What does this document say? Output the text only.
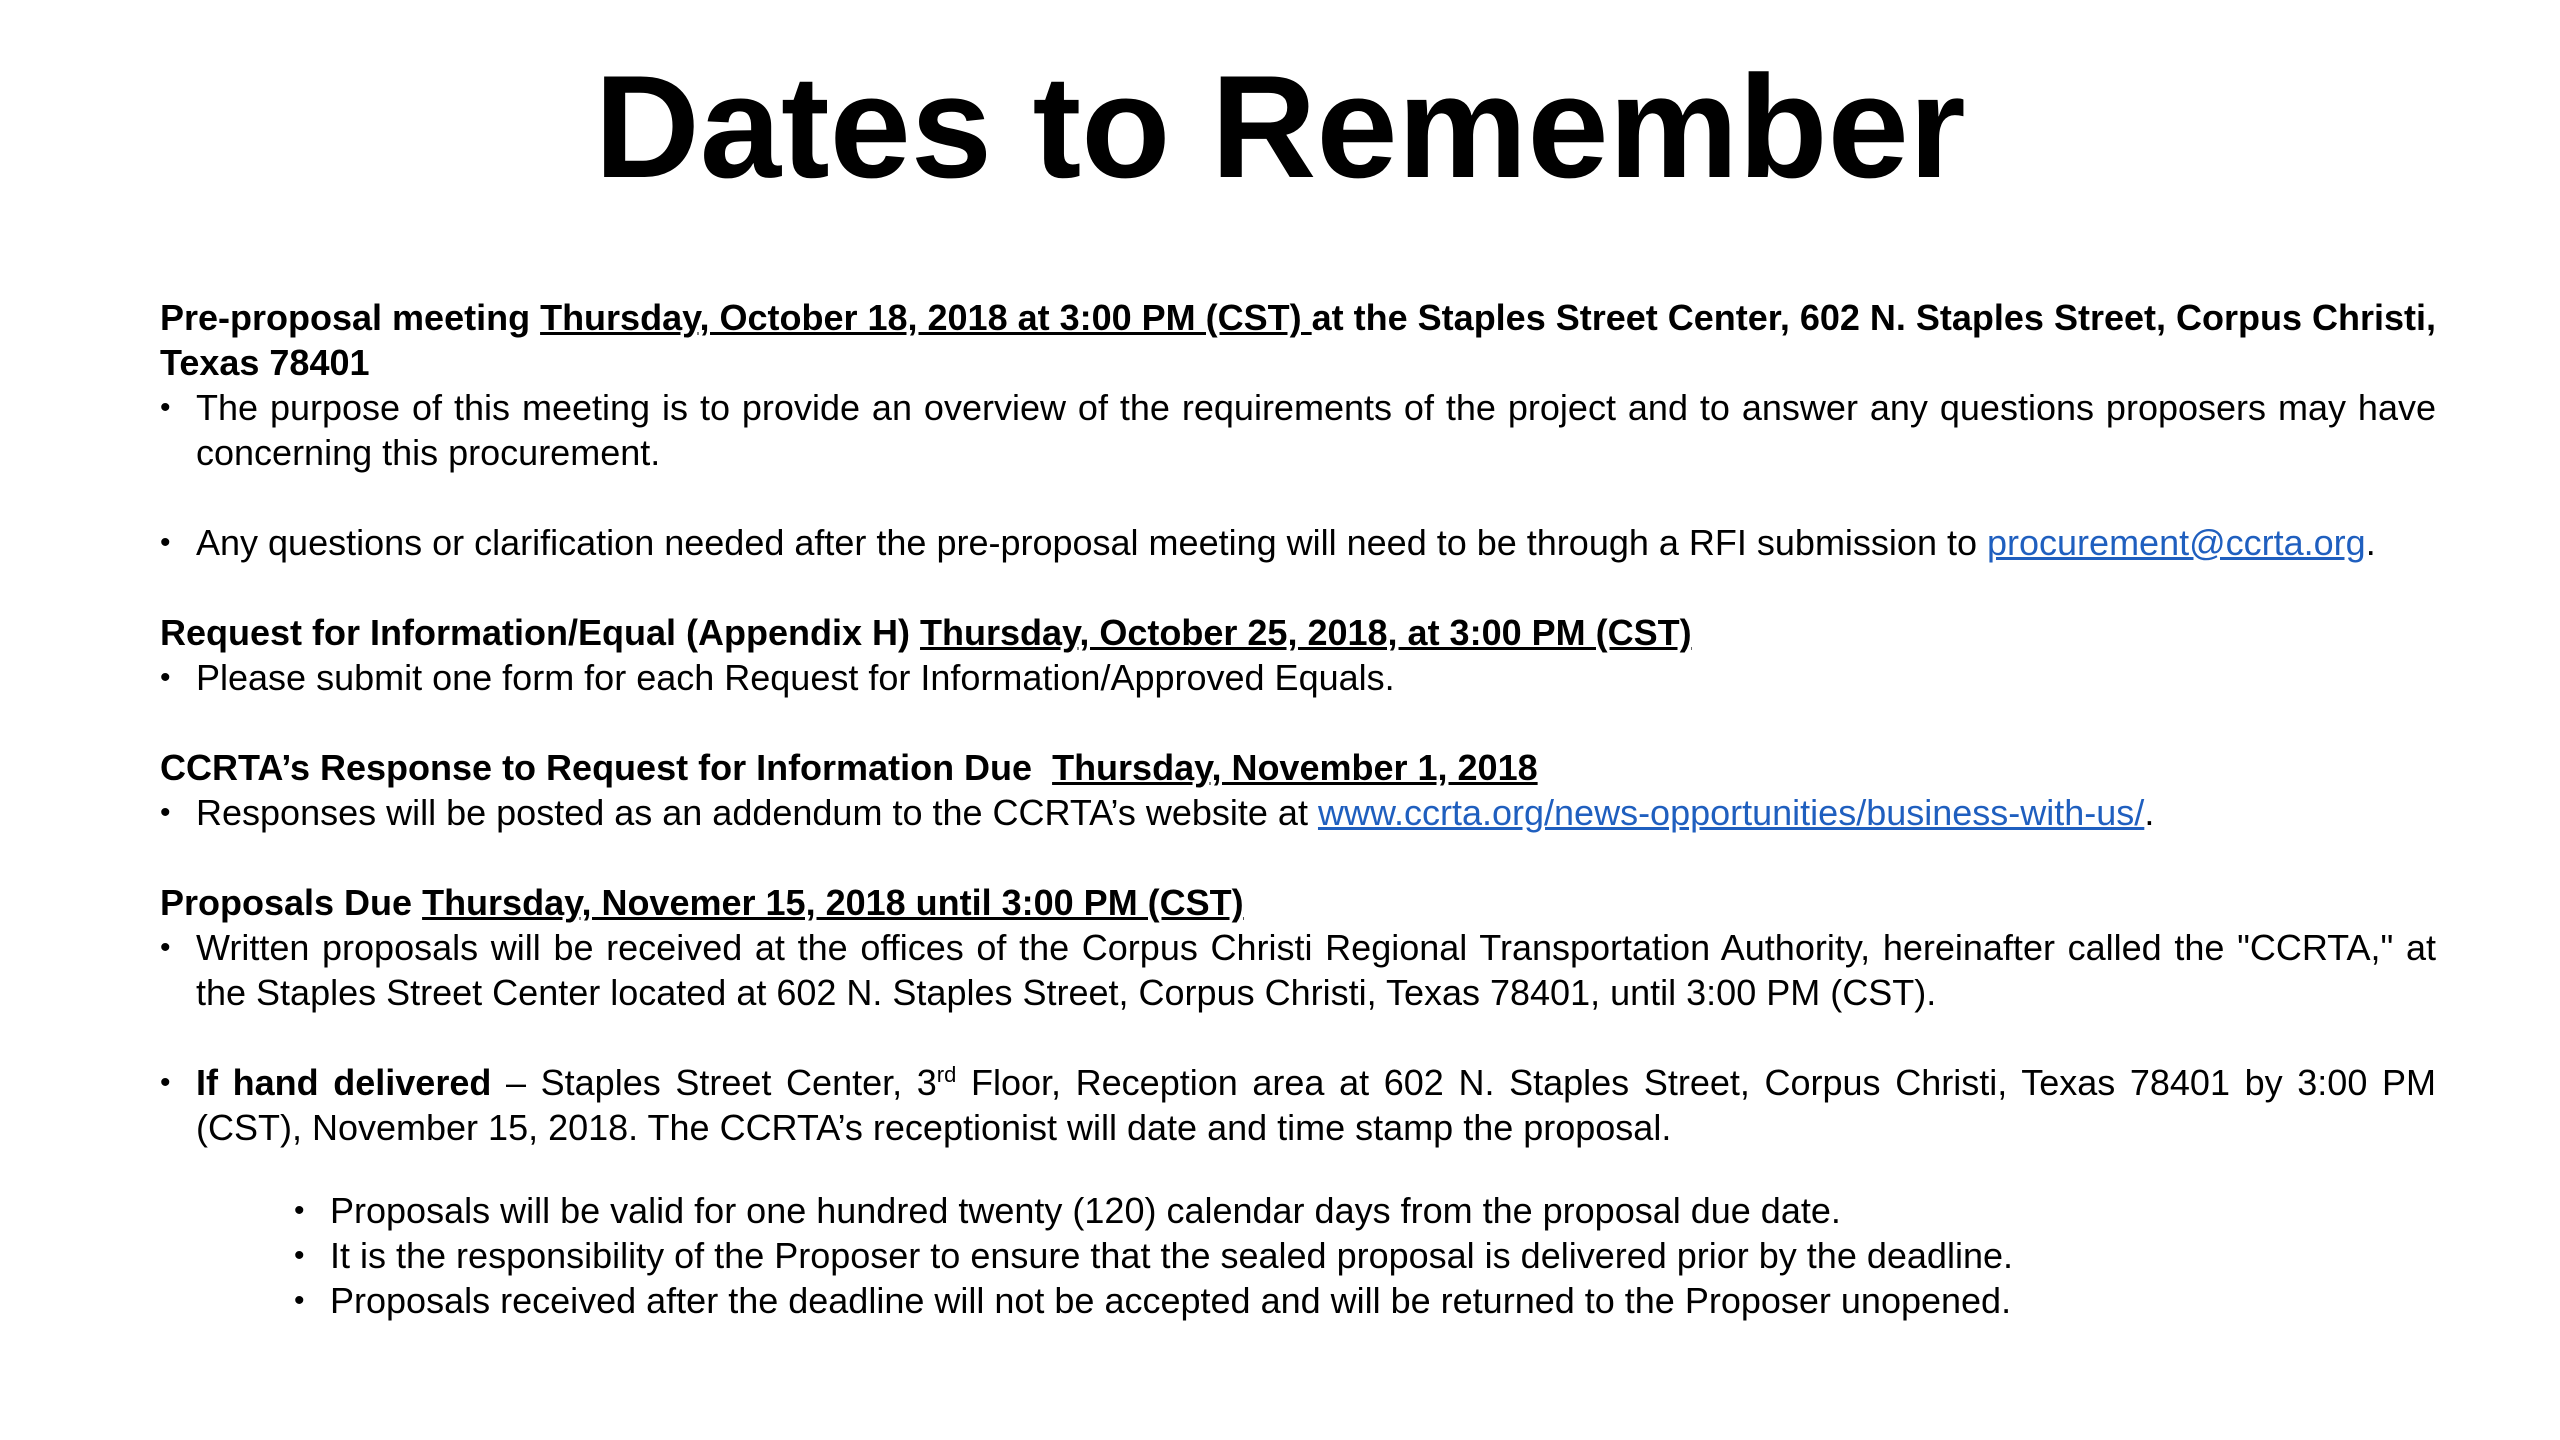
Dates to Remember

Pre-proposal meeting Thursday, October 18, 2018 at 3:00 PM (CST) at the Staples Street Center, 602 N. Staples Street, Corpus Christi, Texas 78401

• The purpose of this meeting is to provide an overview of the requirements of the project and to answer any questions proposers may have concerning this procurement.
• Any questions or clarification needed after the pre-proposal meeting will need to be through a RFI submission to procurement@ccrta.org.

Request for Information/Equal (Appendix H) Thursday, October 25, 2018, at 3:00 PM (CST)

• Please submit one form for each Request for Information/Approved Equals.

CCRTA’s Response to Request for Information Due  Thursday, November 1, 2018

• Responses will be posted as an addendum to the CCRTA’s website at www.ccrta.org/news-opportunities/business-with-us/.

Proposals Due Thursday, Novemer 15, 2018 until 3:00 PM (CST)

• Written proposals will be received at the offices of the Corpus Christi Regional Transportation Authority, hereinafter called the "CCRTA," at the Staples Street Center located at 602 N. Staples Street, Corpus Christi, Texas 78401, until 3:00 PM (CST).
• If hand delivered – Staples Street Center, 3rd Floor, Reception area at 602 N. Staples Street, Corpus Christi, Texas 78401 by 3:00 PM (CST), November 15, 2018. The CCRTA’s receptionist will date and time stamp the proposal.
• Proposals will be valid for one hundred twenty (120) calendar days from the proposal due date.
• It is the responsibility of the Proposer to ensure that the sealed proposal is delivered prior by the deadline.
• Proposals received after the deadline will not be accepted and will be returned to the Proposer unopened.
